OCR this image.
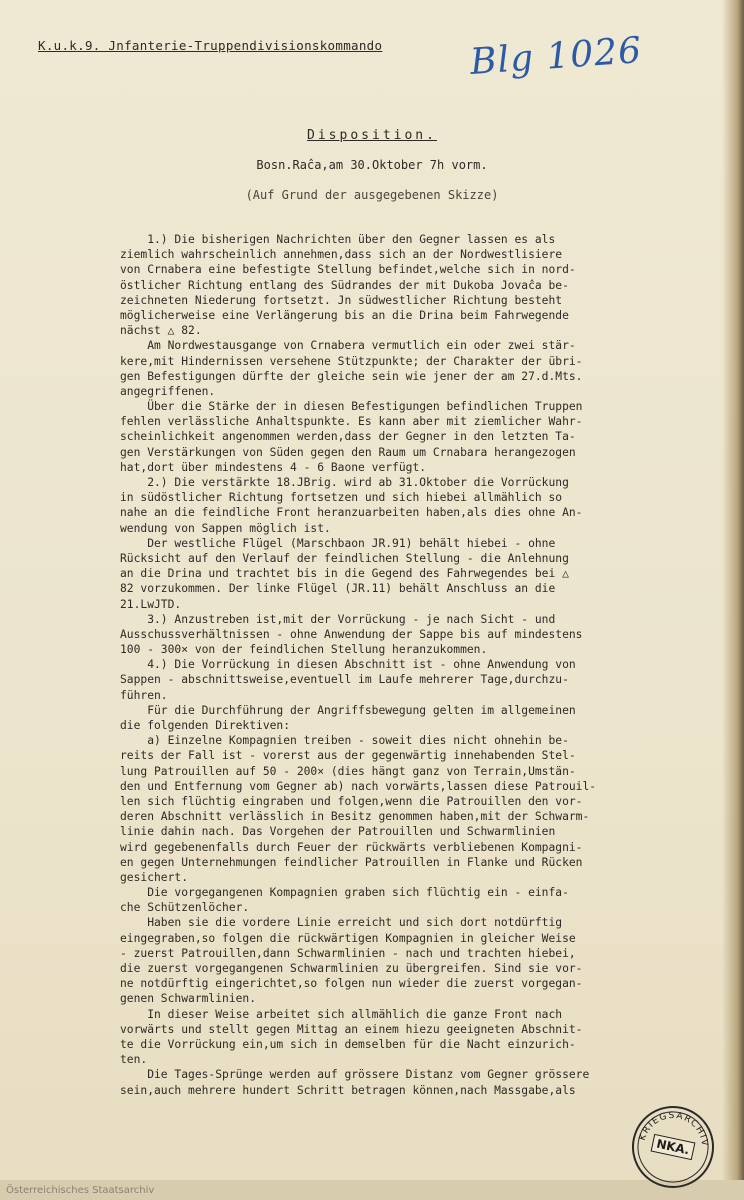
K.u.k.9. Jnfanterie-Truppendivisionskommando Blg 1026
Disposition.
Bosn.Raĉa,am 30.Oktober 7h vorm.
(Auf Grund der ausgegebenen Skizze)
1.) Die bisherigen Nachrichten über den Gegner lassen es als
ziemlich wahrscheinlich annehmen,dass sich an der Nordwestlisiere
von Crnabera eine befestigte Stellung befindet,welche sich in nord-
östlicher Richtung entlang des Südrandes der mit Dukoba Jovaĉa be-
zeichneten Niederung fortsetzt. Jn südwestlicher Richtung besteht
möglicherweise eine Verlängerung bis an die Drina beim Fahrwegende
nächst △ 82.
Am Nordwestausgange von Crnabera vermutlich ein oder zwei stär-
kere,mit Hindernissen versehene Stützpunkte; der Charakter der übri-
gen Befestigungen dürfte der gleiche sein wie jener der am 27.d.Mts.
angegriffenen.
Über die Stärke der in diesen Befestigungen befindlichen Truppen
fehlen verlässliche Anhaltspunkte. Es kann aber mit ziemlicher Wahr-
scheinlichkeit angenommen werden,dass der Gegner in den letzten Ta-
gen Verstärkungen von Süden gegen den Raum um Crnabara herangezogen
hat,dort über mindestens 4 - 6 Baone verfügt.
2.) Die verstärkte 18.JBrig. wird ab 31.Oktober die Vorrückung
in südöstlicher Richtung fortsetzen und sich hiebei allmählich so
nahe an die feindliche Front heranzuarbeiten haben,als dies ohne An-
wendung von Sappen möglich ist.
Der westliche Flügel (Marschbaon JR.91) behält hiebei - ohne
Rücksicht auf den Verlauf der feindlichen Stellung - die Anlehnung
an die Drina und trachtet bis in die Gegend des Fahrwegendes bei △
82 vorzukommen. Der linke Flügel (JR.11) behält Anschluss an die
21.LwJTD.
3.) Anzustreben ist,mit der Vorrückung - je nach Sicht - und
Ausschussverhältnissen - ohne Anwendung der Sappe bis auf mindestens
100 - 300× von der feindlichen Stellung heranzukommen.
4.) Die Vorrückung in diesen Abschnitt ist - ohne Anwendung von
Sappen - abschnittsweise,eventuell im Laufe mehrerer Tage,durchzu-
führen.
Für die Durchführung der Angriffsbewegung gelten im allgemeinen
die folgenden Direktiven:
a) Einzelne Kompagnien treiben - soweit dies nicht ohnehin be-
reits der Fall ist - vorerst aus der gegenwärtig innehabenden Stel-
lung Patrouillen auf 50 - 200× (dies hängt ganz von Terrain,Umstän-
den und Entfernung vom Gegner ab) nach vorwärts,lassen diese Patrouil-
len sich flüchtig eingraben und folgen,wenn die Patrouillen den vor-
deren Abschnitt verlässlich in Besitz genommen haben,mit der Schwarm-
linie dahin nach. Das Vorgehen der Patrouillen und Schwarmlinien
wird gegebenenfalls durch Feuer der rückwärts verbliebenen Kompagni-
en gegen Unternehmungen feindlicher Patrouillen in Flanke und Rücken
gesichert.
Die vorgegangenen Kompagnien graben sich flüchtig ein - einfa-
che Schützenlöcher.
Haben sie die vordere Linie erreicht und sich dort notdürftig
eingegraben,so folgen die rückwärtigen Kompagnien in gleicher Weise
- zuerst Patrouillen,dann Schwarmlinien - nach und trachten hiebei,
die zuerst vorgegangenen Schwarmlinien zu übergreifen. Sind sie vor-
ne notdürftig eingerichtet,so folgen nun wieder die zuerst vorgegan-
genen Schwarmlinien.
In dieser Weise arbeitet sich allmählich die ganze Front nach
vorwärts und stellt gegen Mittag an einem hiezu geeigneten Abschnit-
te die Vorrückung ein,um sich in demselben für die Nacht einzurich-
ten.
Die Tages-Sprünge werden auf grössere Distanz vom Gegner grössere
sein,auch mehrere hundert Schritt betragen können,nach Massgabe,als
KRIEGSARCHIV
NKA.
Österreichisches Staatsarchiv
